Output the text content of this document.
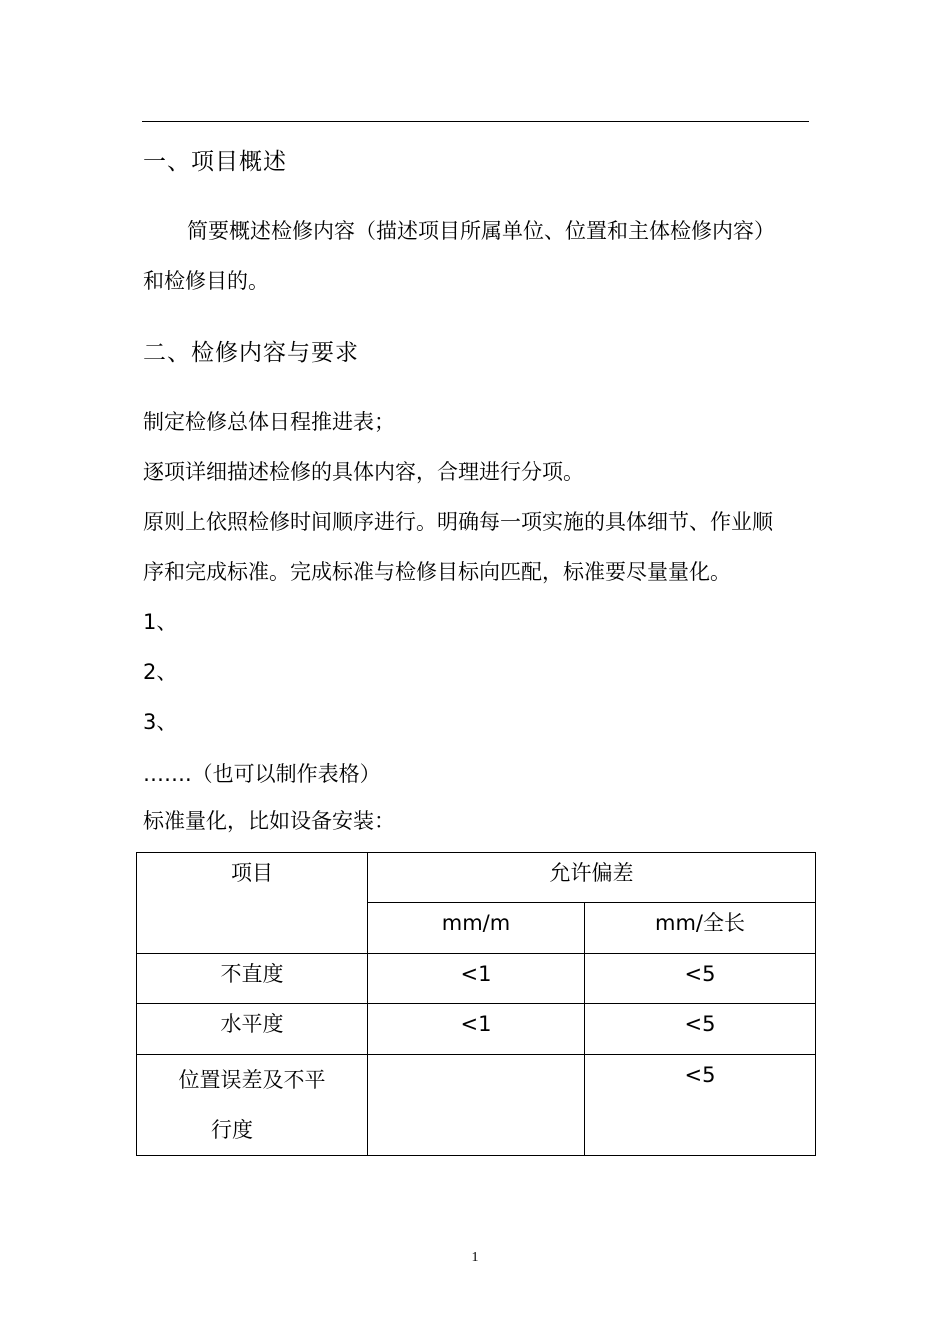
一、项目概述
简要概述检修内容（描述项目所属单位、位置和主体检修内容）
和检修目的。
二、检修内容与要求
制定检修总体日程推进表；
逐项详细描述检修的具体内容，合理进行分项。
原则上依照检修时间顺序进行。明确每一项实施的具体细节、作业顺
序和完成标准。完成标准与检修目标向匹配，标准要尽量量化。
1、
2、
3、
…….（也可以制作表格）
标准量化，比如设备安装：
项目	允许偏差	

	mm/m	mm/全长

不直度	<1	<5

水平度	<1	<5

位置误差及不平
行度		<5
1
